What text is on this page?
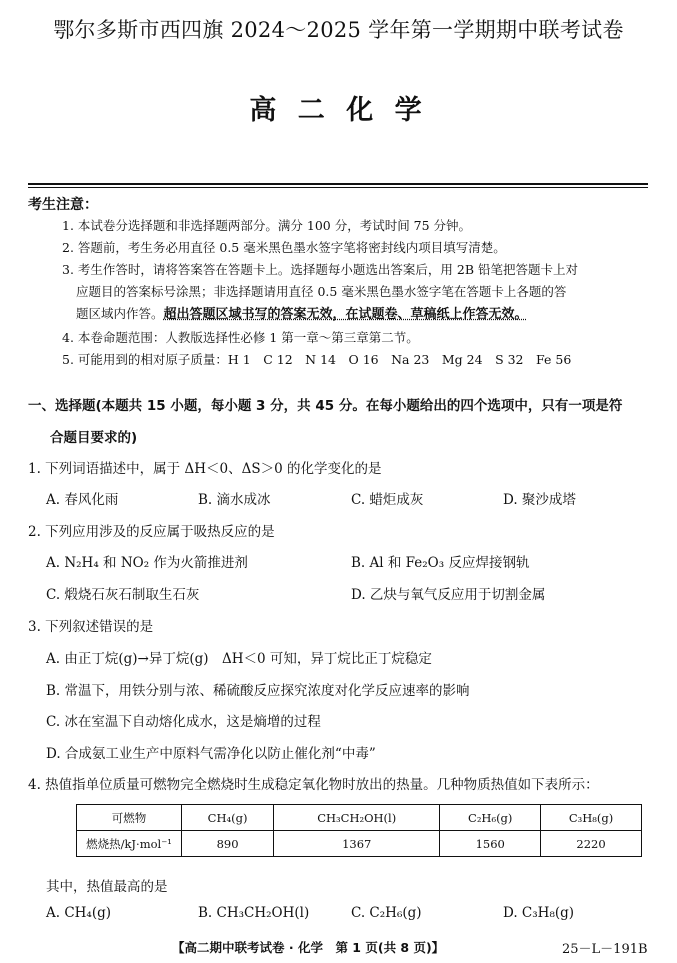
鄂尔多斯市西四旗 2024～2025 学年第一学期期中联考试卷
高 二 化 学
考生注意：
1. 本试卷分选择题和非选择题两部分。满分 100 分，考试时间 75 分钟。
2. 答题前，考生务必用直径 0.5 毫米黑色墨水签字笔将密封线内项目填写清楚。
3. 考生作答时，请将答案答在答题卡上。选择题每小题选出答案后，用 2B 铅笔把答题卡上对
应题目的答案标号涂黑；非选择题请用直径 0.5 毫米黑色墨水签字笔在答题卡上各题的答
题区域内作答。超出答题区域书写的答案无效，在试题卷、草稿纸上作答无效。
4. 本卷命题范围：人教版选择性必修 1 第一章～第三章第二节。
5. 可能用到的相对原子质量：H 1　C 12　N 14　O 16　Na 23　Mg 24　S 32　Fe 56
一、选择题(本题共 15 小题，每小题 3 分，共 45 分。在每小题给出的四个选项中，只有一项是符
合题目要求的)
1. 下列词语描述中，属于 ΔH＜0、ΔS＞0 的化学变化的是
A. 春风化雨	B. 滴水成冰	C. 蜡炬成灰	D. 聚沙成塔
2. 下列应用涉及的反应属于吸热反应的是
A. N₂H₄ 和 NO₂ 作为火箭推进剂	B. Al 和 Fe₂O₃ 反应焊接钢轨
C. 煅烧石灰石制取生石灰	D. 乙炔与氧气反应用于切割金属
3. 下列叙述错误的是
A. 由正丁烷(g)→异丁烷(g)　ΔH＜0 可知，异丁烷比正丁烷稳定
B. 常温下，用铁分别与浓、稀硫酸反应探究浓度对化学反应速率的影响
C. 冰在室温下自动熔化成水，这是熵增的过程
D. 合成氨工业生产中原料气需净化以防止催化剂“中毒”
4. 热值指单位质量可燃物完全燃烧时生成稳定氧化物时放出的热量。几种物质热值如下表所示：
可燃物	CH₄(g)	CH₃CH₂OH(l)	C₂H₆(g)	C₃H₈(g)
燃烧热/kJ·mol⁻¹	890	1367	1560	2220
其中，热值最高的是
A. CH₄(g)	B. CH₃CH₂OH(l)	C. C₂H₆(g)	D. C₃H₈(g)
【高二期中联考试卷 · 化学　第 1 页(共 8 页)】	25－L－191B
